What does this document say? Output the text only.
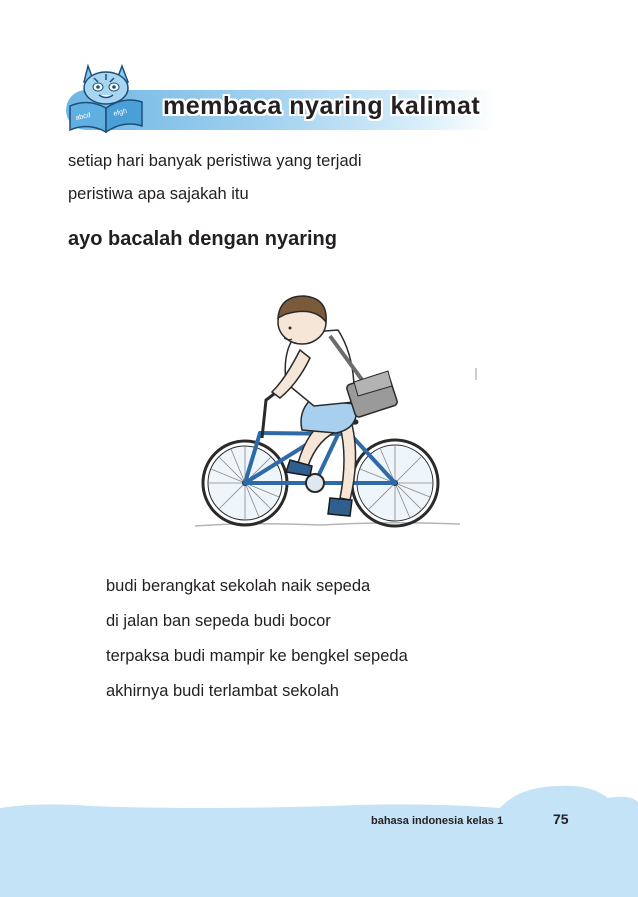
abcd	efgh membaca nyaring kalimat
setiap hari banyak peristiwa yang terjadi
peristiwa apa sajakah itu
ayo bacalah dengan nyaring
budi berangkat sekolah naik sepeda
di jalan ban sepeda budi bocor
terpaksa budi mampir ke bengkel sepeda
akhirnya budi terlambat sekolah
bahasa indonesia kelas 1	75
